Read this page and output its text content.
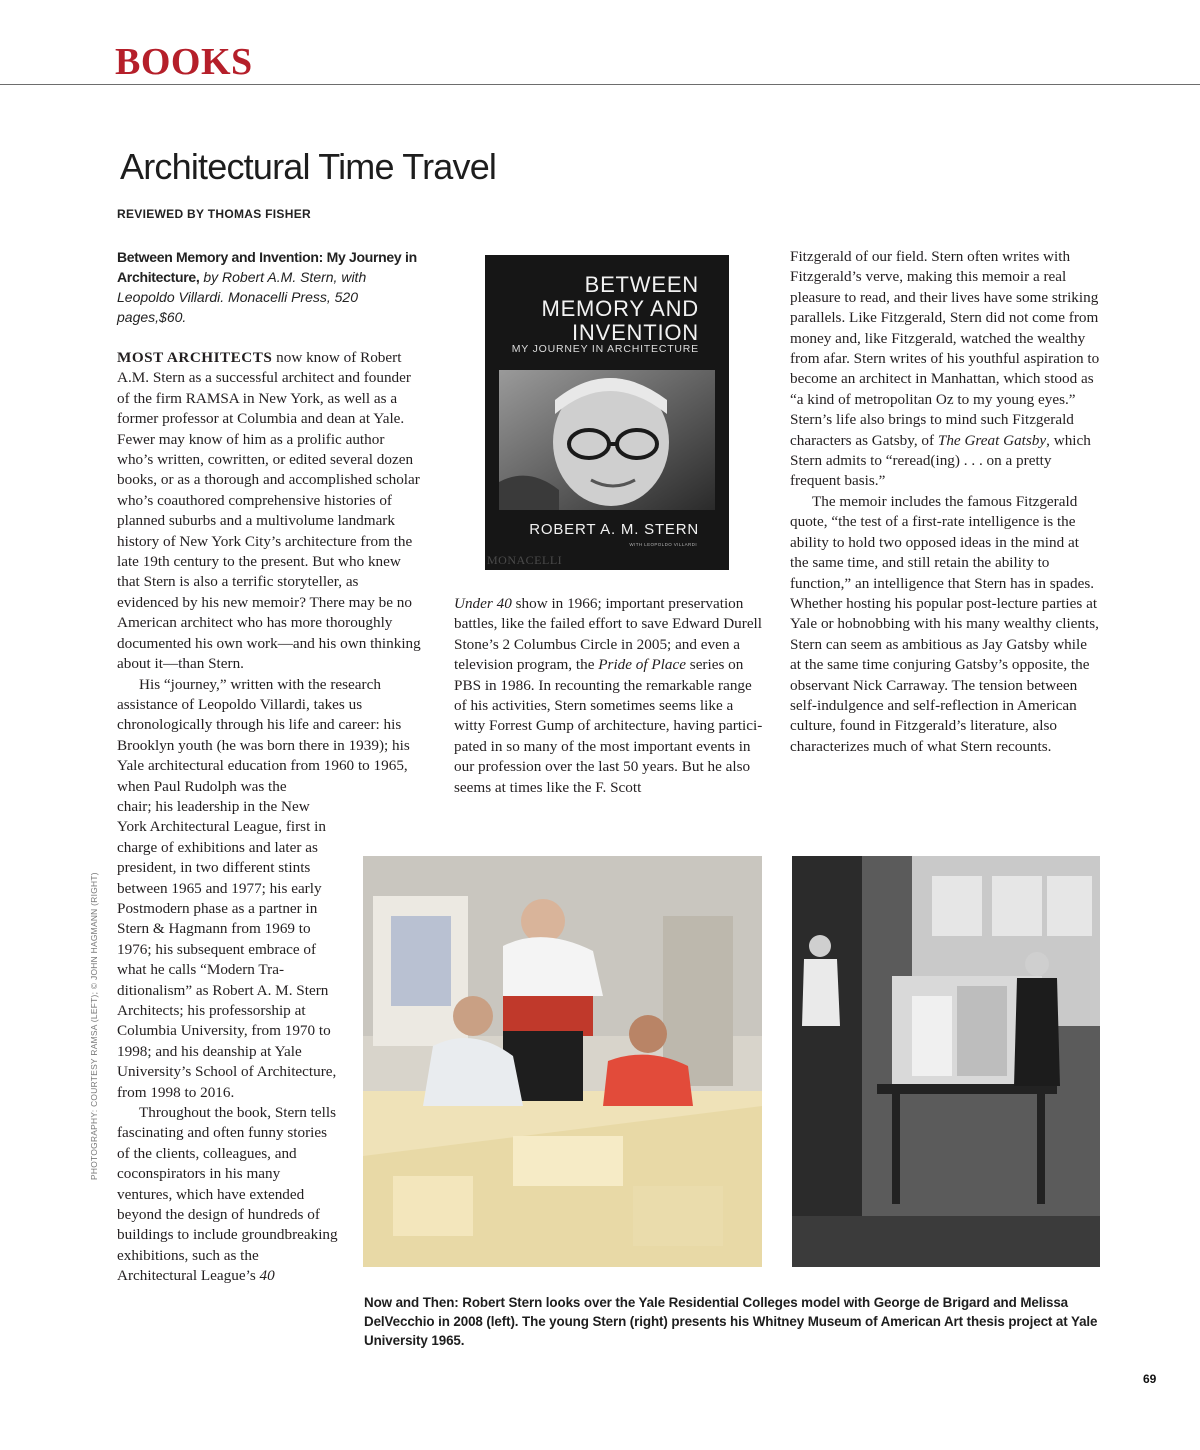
BOOKS
Architectural Time Travel
REVIEWED BY THOMAS FISHER
Between Memory and Invention: My Journey in Architecture, by Robert A.M. Stern, with Leopoldo Villardi. Monacelli Press, 520 pages,$60.

MOST ARCHITECTS now know of Robert A.M. Stern as a successful architect and founder of the firm RAMSA in New York, as well as a former professor at Columbia and dean at Yale. Fewer may know of him as a prolific author who’s written, cowritten, or edited several dozen books, or as a thorough and accomplished scholar who’s coauthored comprehensive histories of planned suburbs and a multivolume landmark history of New York City’s architecture from the late 19th century to the present. But who knew that Stern is also a terrific storyteller, as evidenced by his new memoir? There may be no American architect who has more thoroughly documented his own work—and his own thinking about it—than Stern.

His “journey,” written with the research assistance of Leopoldo Villardi, takes us chronologically through his life and career: his Brooklyn youth (he was born there in 1939); his Yale architectural education from 1960 to 1965, when Paul Rudolph was the

chair; his leadership in the New York Architectural League, first in charge of exhibitions and later as president, in two different stints between 1965 and 1977; his early Postmodern phase as a partner in Stern & Hagmann from 1969 to 1976; his subsequent embrace of what he calls “Modern Traditionalism” as Robert A. M. Stern Architects; his professorship at Columbia University, from 1970 to 1998; and his deanship at Yale University’s School of Architecture, from 1998 to 2016.

Throughout the book, Stern tells fascinating and often funny stories of the clients, colleagues, and coconspirators in his many ventures, which have extended beyond the design of hundreds of buildings to include groundbreaking exhibitions, such as the Architectural League’s 40

BETWEEN
MEMORY AND
INVENTION
MY JOURNEY IN ARCHITECTURE
ROBERT A. M. STERN
WITH LEOPOLDO VILLARDI
MONACELLI

Under 40 show in 1966; important preservation battles, like the failed effort to save Edward Durell Stone’s 2 Columbus Circle in 2005; and even a television program, the Pride of Place series on PBS in 1986. In recounting the remarkable range of his activities, Stern sometimes seems like a witty Forrest Gump of architecture, having participated in so many of the most important events in our profession over the last 50 years. But he also seems at times like the F. Scott

Fitzgerald of our field. Stern often writes with Fitzgerald’s verve, making this memoir a real pleasure to read, and their lives have some striking parallels. Like Fitzgerald, Stern did not come from money and, like Fitzgerald, watched the wealthy from afar. Stern writes of his youthful aspiration to become an architect in Manhattan, which stood as “a kind of metropolitan Oz to my young eyes.” Stern’s life also brings to mind such Fitzgerald characters as Gatsby, of The Great Gatsby, which Stern admits to “reread(ing) . . . on a pretty frequent basis.”

The memoir includes the famous Fitzgerald quote, “the test of a first-rate intelligence is the ability to hold two opposed ideas in the mind at the same time, and still retain the ability to function,” an intelligence that Stern has in spades. Whether hosting his popular post-lecture parties at Yale or hobnobbing with his many wealthy clients, Stern can seem as ambitious as Jay Gatsby while at the same time conjuring Gatsby’s opposite, the observant Nick Carraway. The tension between self-indulgence and self-reflection in American culture, found in Fitzgerald’s literature, also characterizes much of what Stern recounts.

Now and Then: Robert Stern looks over the Yale Residential Colleges model with George de Brigard and Melissa DelVecchio in 2008 (left). The young Stern (right) presents his Whitney Museum of American Art thesis project at Yale University 1965.
PHOTOGRAPHY: COURTESY RAMSA (LEFT); © JOHN HAGMANN (RIGHT)
69
